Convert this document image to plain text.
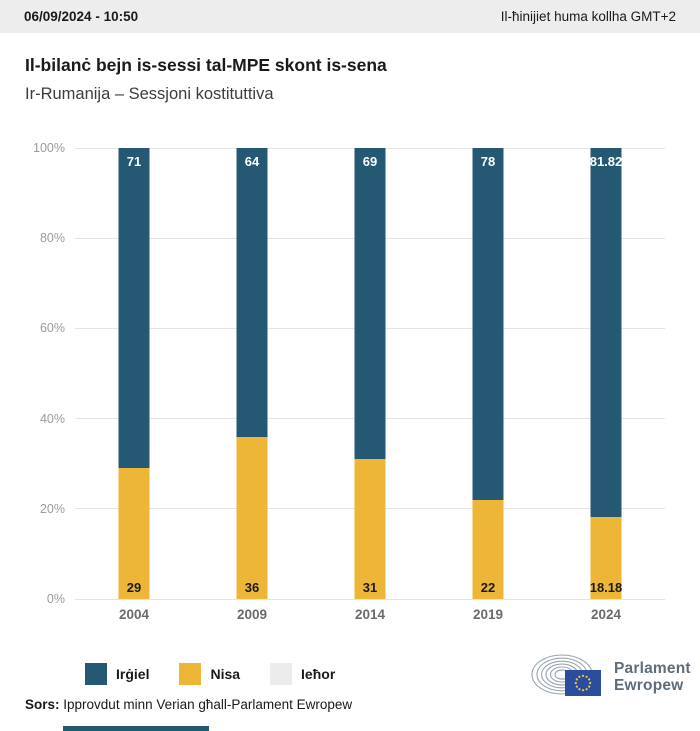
06/09/2024 - 10:50	Il-ħinijiet huma kollha GMT+2
Il-bilanċ bejn is-sessi tal-MPE skont is-sena
Ir-Rumanija – Sessjoni kostituttiva
0%
20%
40%
60%
80%
100%
29
71
36
64
31
69
22
78
18.18
81.82
2004	2009	2014	2019	2024
Irġiel	Nisa	Ieħor
Sors: Ipprovdut minn Verian għall-Parlament Ewropew
Parlament
Ewropew
